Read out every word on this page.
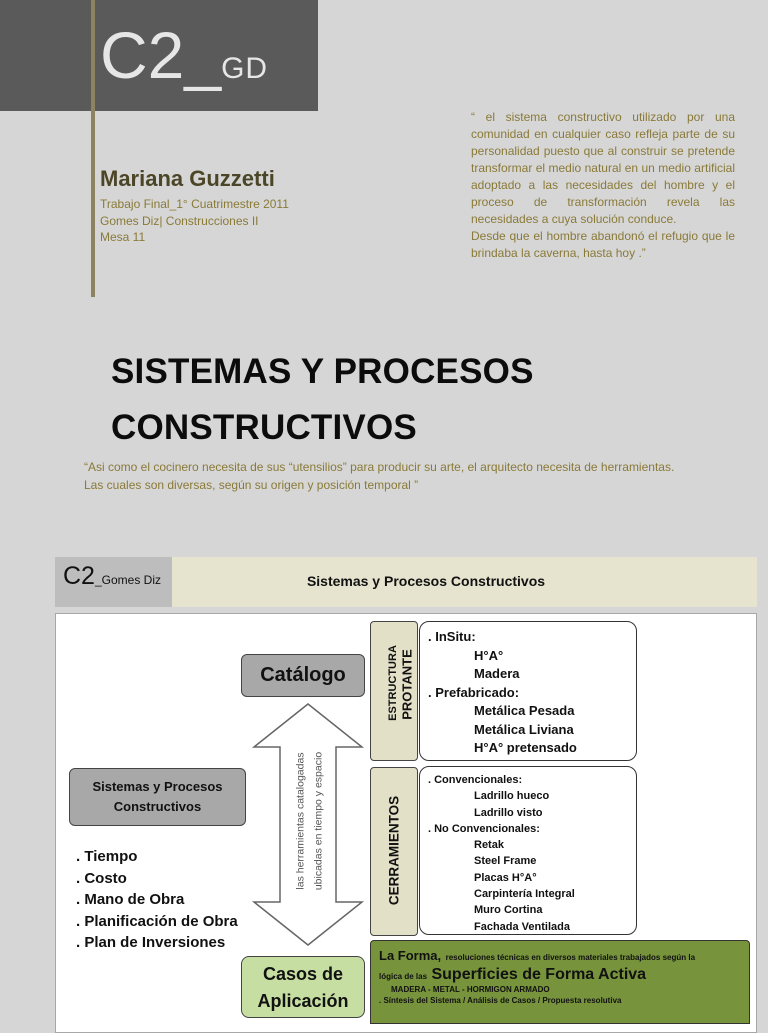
C2_GD
Mariana Guzzetti
Trabajo Final_1° Cuatrimestre 2011
Gomes Diz| Construcciones II
Mesa 11

“ el sistema constructivo utilizado por una comunidad en cualquier caso refleja parte de su personalidad puesto que al construir se pretende transformar el medio natural en un medio artificial adoptado a las necesidades del hombre y el proceso de transformación revela las necesidades a cuya solución conduce.

Desde que el hombre abandonó el refugio que le brindaba la caverna, hasta hoy .”

SISTEMAS Y PROCESOS
CONSTRUCTIVOS
“Asi como el cocinero necesita de sus “utensilios” para producir su arte, el arquitecto necesita de herramientas.
Las cuales son diversas, según su origen y posición temporal ”
C2_Gomes Diz	Sistemas y Procesos Constructivos
Catálogo
Sistemas y Procesos
Constructivos
. Tiempo
. Costo
. Mano de Obra
. Planificación de Obra
. Plan de Inversiones
las herramientas catalogadas ubicadas en tiempo y espacio
Casos de
Aplicación
ESTRUCTURA PROTANTE
. InSitu:
H°A°
Madera
. Prefabricado:
Metálica Pesada
Metálica Liviana
H°A° pretensado
CERRAMIENTOS
. Convencionales:
Ladrillo hueco
Ladrillo visto
. No Convencionales:
Retak
Steel Frame
Placas H°A°
Carpintería Integral
Muro Cortina
Fachada Ventilada
La Forma, resoluciones técnicas en diversos materiales trabajados según la
lógica de las Superficies de Forma Activa
MADERA - METAL - HORMIGON ARMADO
. Síntesis del Sistema / Análisis de Casos / Propuesta resolutiva
